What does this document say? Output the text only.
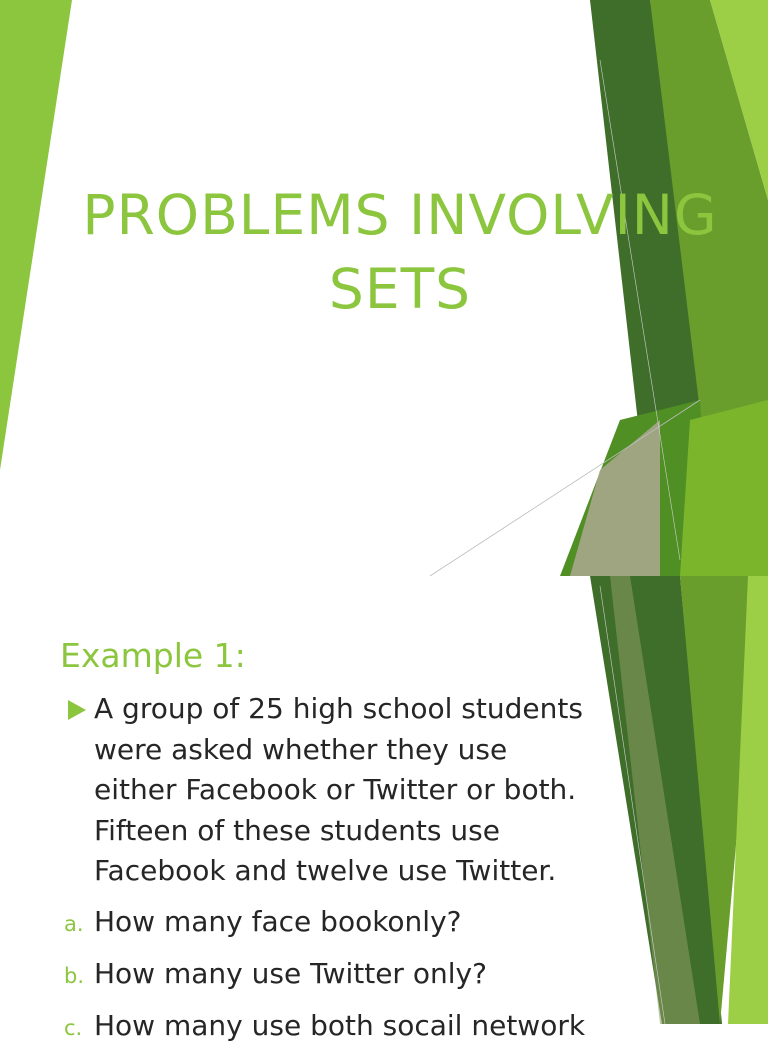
PROBLEMS INVOLVING
SETS
Example 1:

A group of 25 high school students
were asked whether they use
either Facebook or Twitter or both.
Fifteen of these students use
Facebook and twelve use Twitter.

a. How many face bookonly?
b. How many use Twitter only?
c. How many use both socail network
